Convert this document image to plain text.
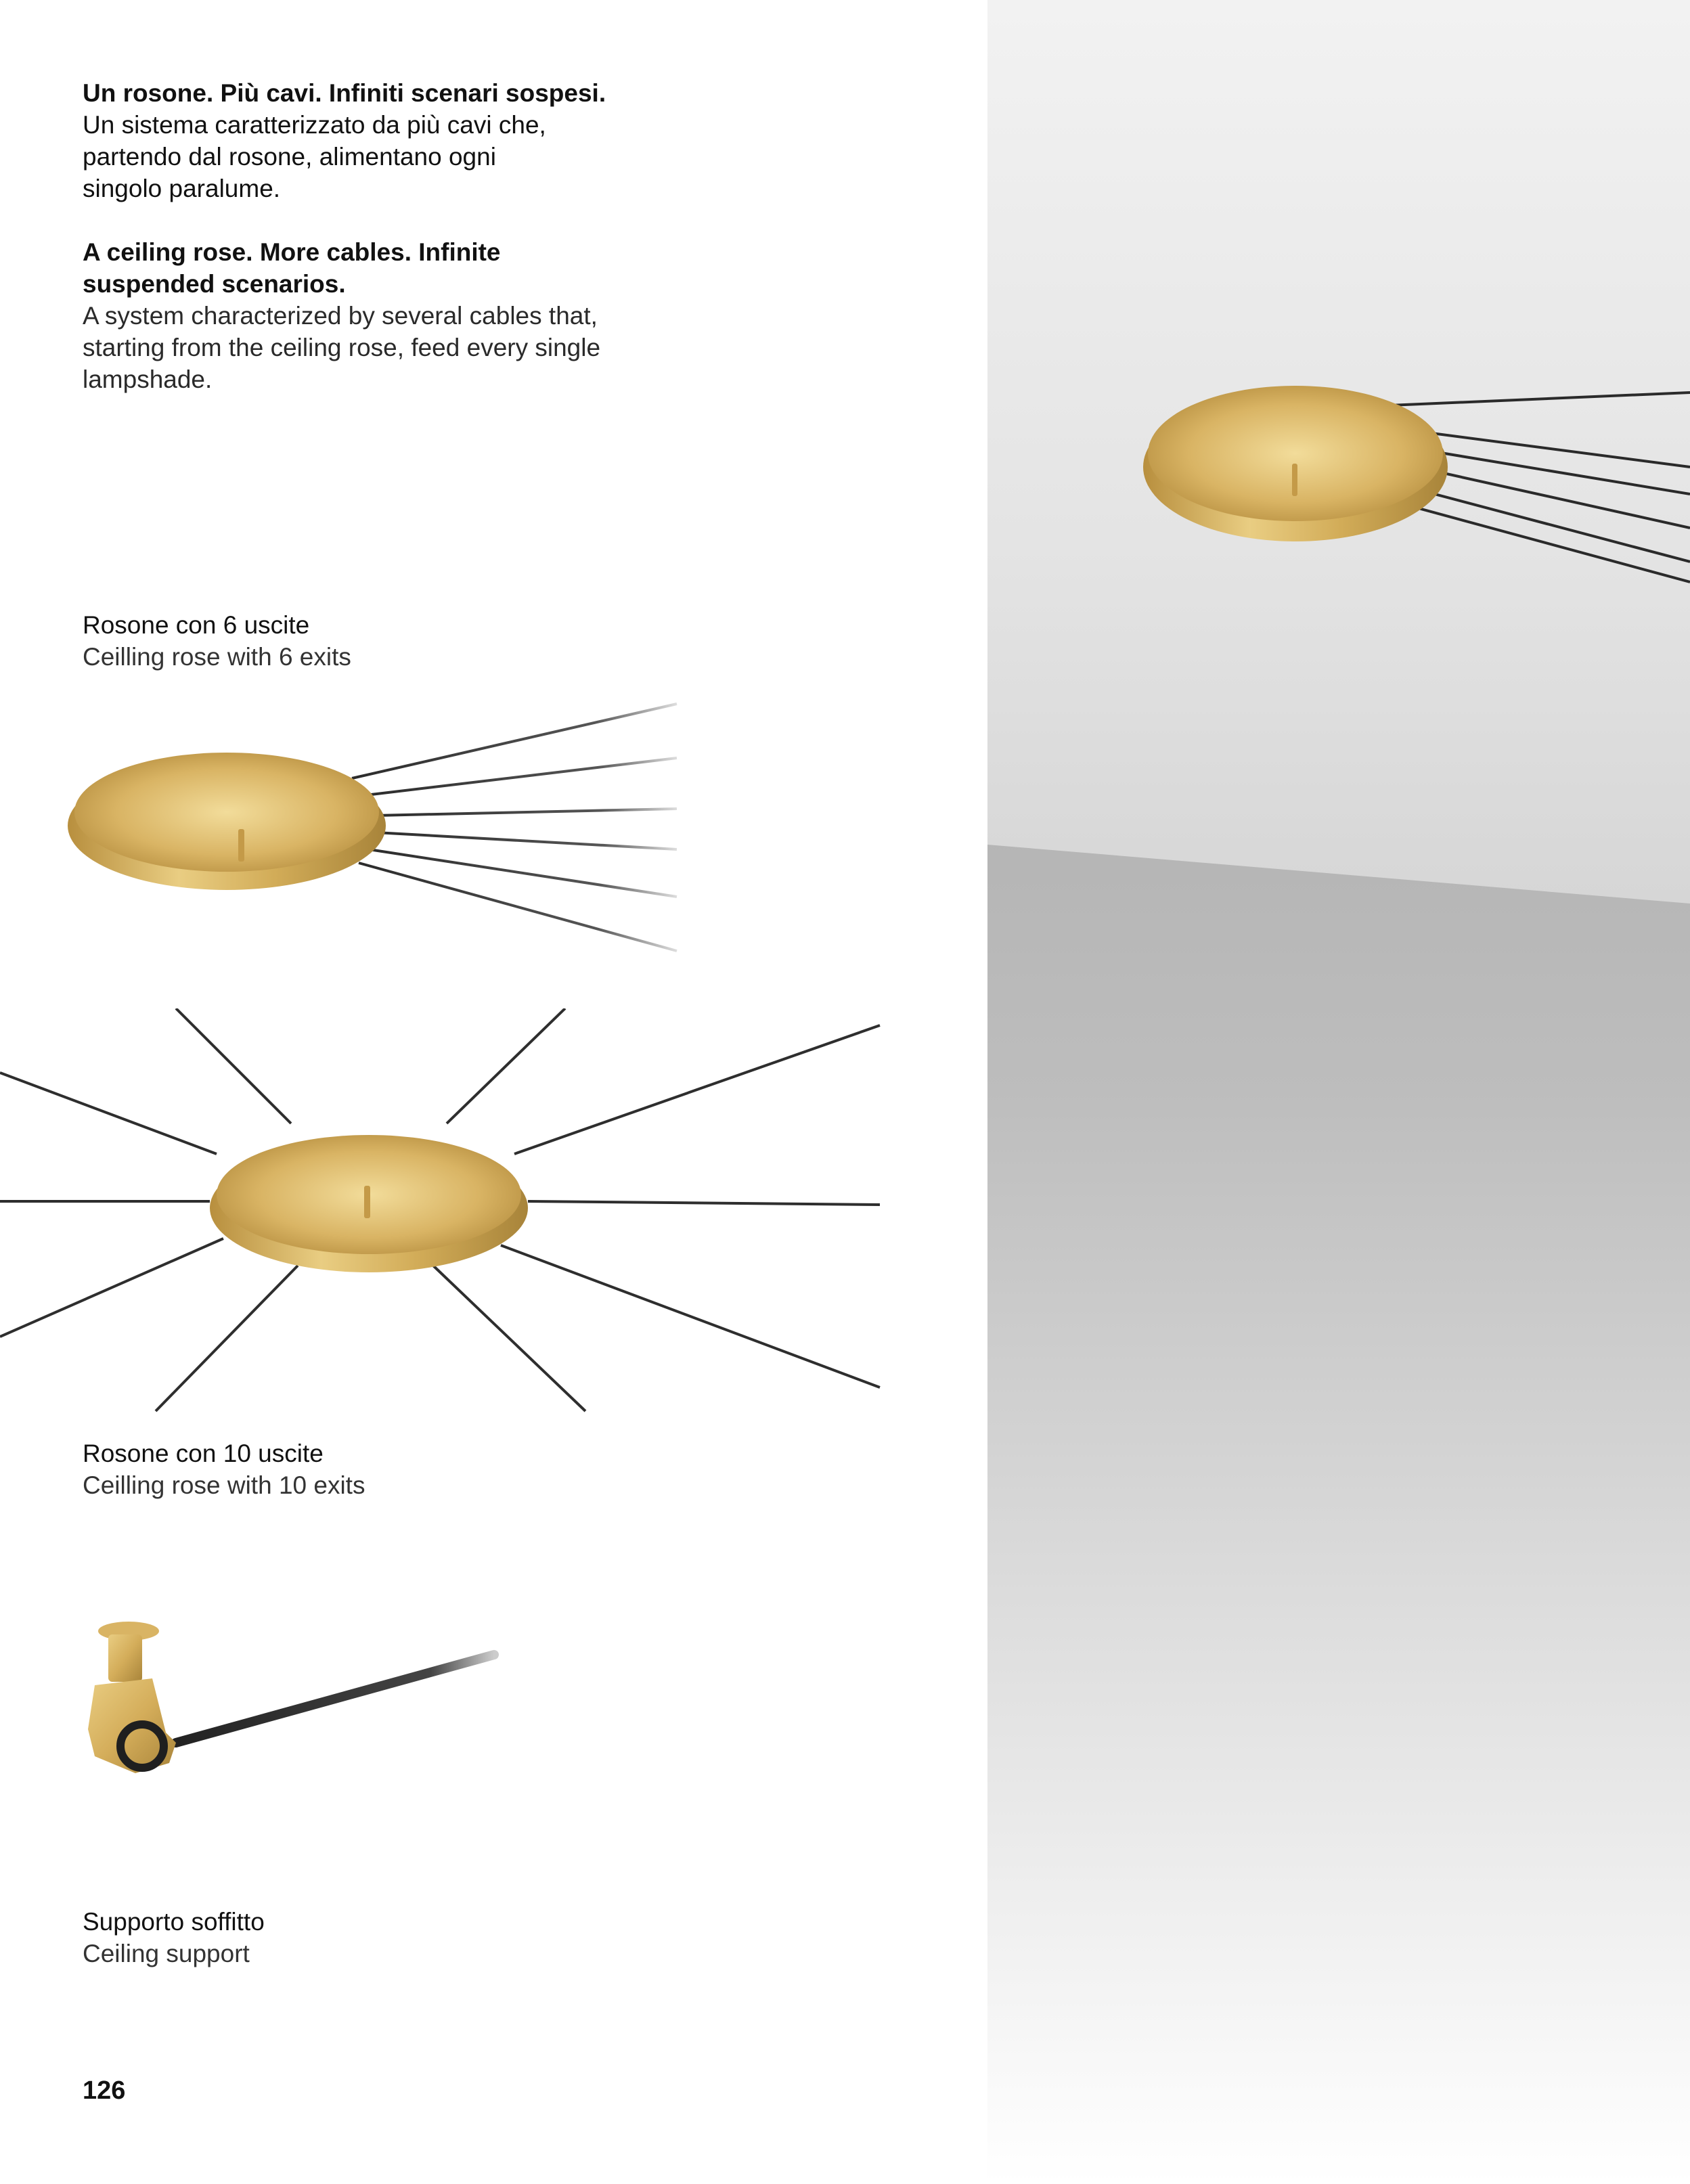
Un rosone. Più cavi. Infiniti scenari sospesi.

Un sistema caratterizzato da più cavi che, partendo dal rosone, alimentano ogni singolo paralume.

A ceiling rose. More cables. Infinite suspended scenarios.

A system characterized by several cables that, starting from the ceiling rose, feed every single lampshade.

Rosone con 6 uscite
Ceilling rose with 6 exits
Rosone con 10 uscite
Ceilling rose with 10 exits
Supporto soffitto
Ceiling support
126
